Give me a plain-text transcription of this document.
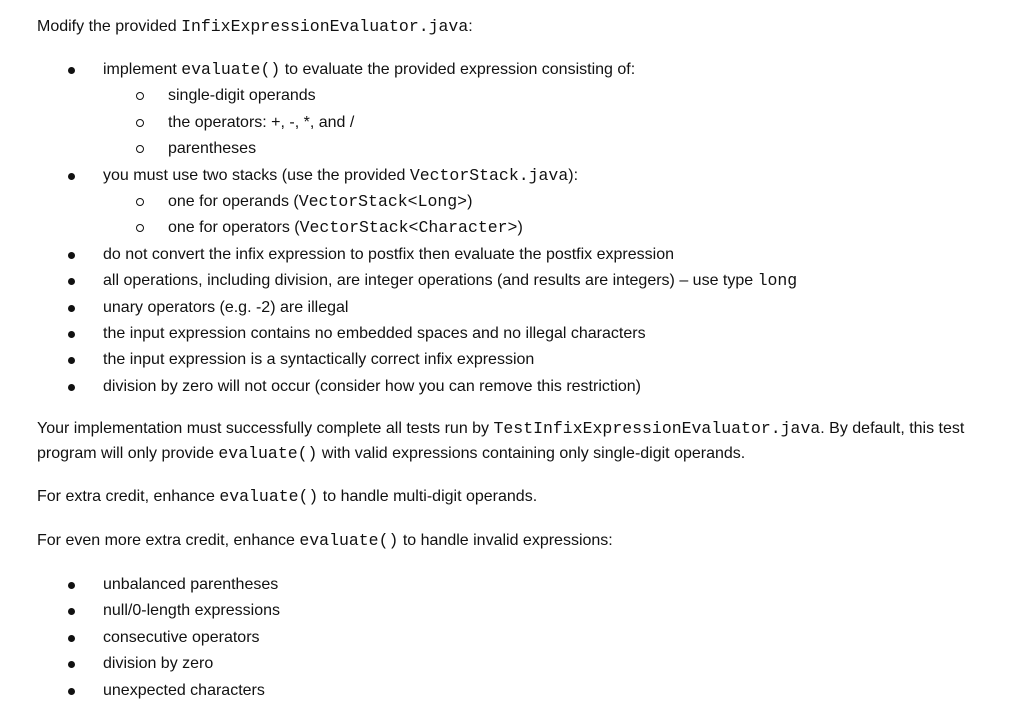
Modify the provided InfixExpressionEvaluator.java:

implement evaluate() to evaluate the provided expression consisting of:
single-digit operands
the operators: +, -, *, and /
parentheses
you must use two stacks (use the provided VectorStack.java):
one for operands (VectorStack<Long>)
one for operators (VectorStack<Character>)
do not convert the infix expression to postfix then evaluate the postfix expression
all operations, including division, are integer operations (and results are integers) – use type long
unary operators (e.g. -2) are illegal
the input expression contains no embedded spaces and no illegal characters
the input expression is a syntactically correct infix expression
division by zero will not occur (consider how you can remove this restriction)

Your implementation must successfully complete all tests run by TestInfixExpressionEvaluator.java. By default, this test program will only provide evaluate() with valid expressions containing only single-digit operands.

For extra credit, enhance evaluate() to handle multi-digit operands.

For even more extra credit, enhance evaluate() to handle invalid expressions:

unbalanced parentheses
null/0-length expressions
consecutive operators
division by zero
unexpected characters
